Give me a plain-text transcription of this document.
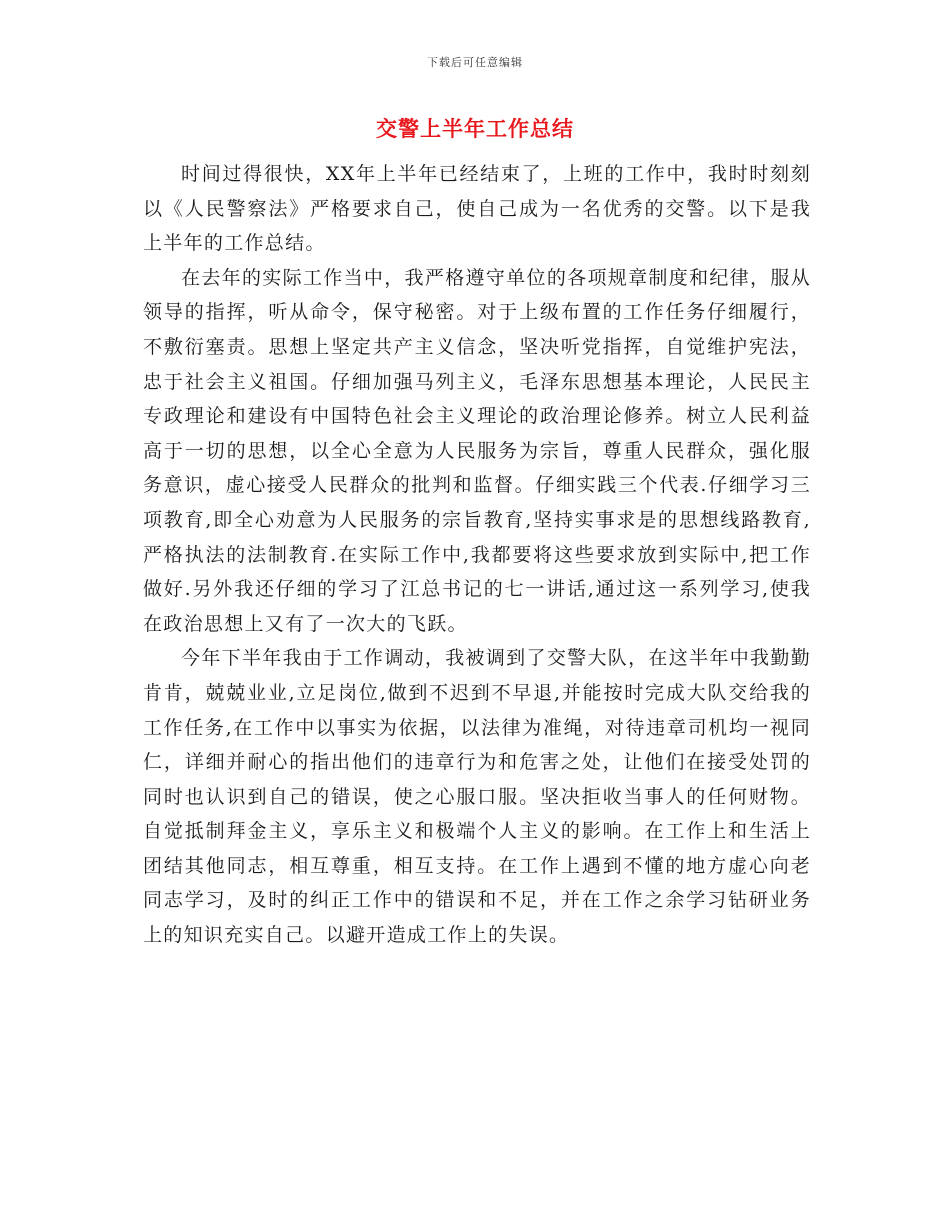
下载后可任意编辑
交警上半年工作总结

时间过得很快，XX年上半年已经结束了，上班的工作中，我时时刻刻以《人民警察法》严格要求自己，使自己成为一名优秀的交警。以下是我上半年的工作总结。

在去年的实际工作当中，我严格遵守单位的各项规章制度和纪律，服从领导的指挥，听从命令，保守秘密。对于上级布置的工作任务仔细履行，不敷衍塞责。思想上坚定共产主义信念，坚决听党指挥，自觉维护宪法，忠于社会主义祖国。仔细加强马列主义，毛泽东思想基本理论，人民民主专政理论和建设有中国特色社会主义理论的政治理论修养。树立人民利益高于一切的思想，以全心全意为人民服务为宗旨，尊重人民群众，强化服务意识，虚心接受人民群众的批判和监督。仔细实践三个代表.仔细学习三项教育,即全心劝意为人民服务的宗旨教育,坚持实事求是的思想线路教育,严格执法的法制教育.在实际工作中,我都要将这些要求放到实际中,把工作做好.另外我还仔细的学习了江总书记的七一讲话,通过这一系列学习,使我在政治思想上又有了一次大的飞跃。

今年下半年我由于工作调动，我被调到了交警大队，在这半年中我勤勤肯肯，兢兢业业,立足岗位,做到不迟到不早退,并能按时完成大队交给我的工作任务,在工作中以事实为依据，以法律为准绳，对待违章司机均一视同仁，详细并耐心的指出他们的违章行为和危害之处，让他们在接受处罚的同时也认识到自己的错误，使之心服口服。坚决拒收当事人的任何财物。自觉抵制拜金主义，享乐主义和极端个人主义的影响。在工作上和生活上团结其他同志，相互尊重，相互支持。在工作上遇到不懂的地方虚心向老同志学习，及时的纠正工作中的错误和不足，并在工作之余学习钻研业务上的知识充实自己。以避开造成工作上的失误。
